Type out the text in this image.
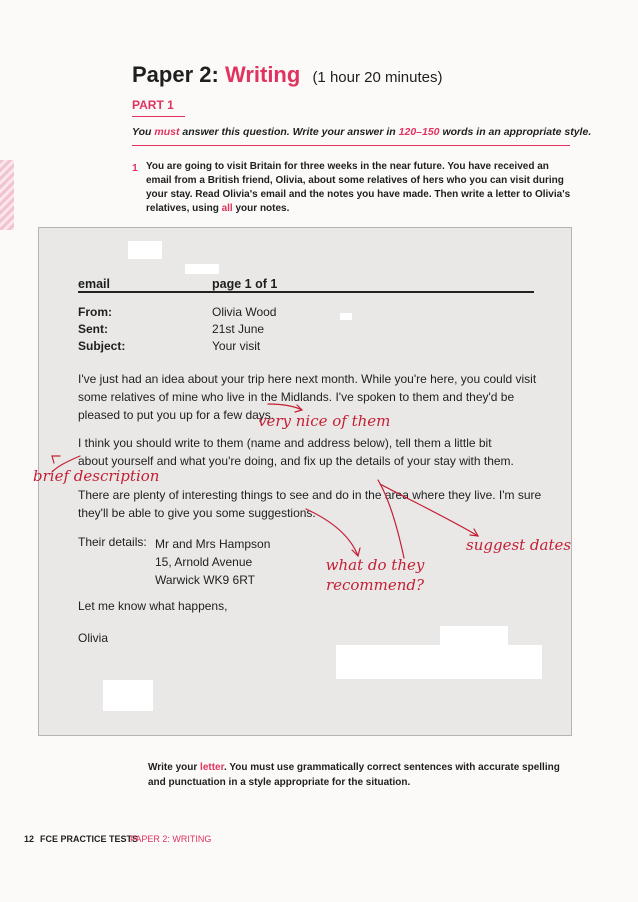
Paper 2: Writing (1 hour 20 minutes)
PART 1
You must answer this question. Write your answer in 120–150 words in an appropriate style.
1 You are going to visit Britain for three weeks in the near future. You have received an email from a British friend, Olivia, about some relatives of hers who you can visit during your stay. Read Olivia's email and the notes you have made. Then write a letter to Olivia's relatives, using all your notes.
email	page 1 of 1
From:	Olivia Wood
Sent:	21st June
Subject:	Your visit
I've just had an idea about your trip here next month. While you're here, you could visit
some relatives of mine who live in the Midlands. I've spoken to them and they'd be
pleased to put you up for a few days.
I think you should write to them (name and address below), tell them a little bit
about yourself and what you're doing, and fix up the details of your stay with them.
There are plenty of interesting things to see and do in the area where they live. I'm sure
they'll be able to give you some suggestions.
Their details: Mr and Mrs Hampson
15, Arnold Avenue
Warwick WK9 6RT
Let me know what happens,
Olivia
very nice of them
brief description
what do they
recommend?
suggest dates
Write your letter. You must use grammatically correct sentences with accurate spelling and punctuation in a style appropriate for the situation.
12 FCE PRACTICE TESTS
PAPER 2: WRITING
